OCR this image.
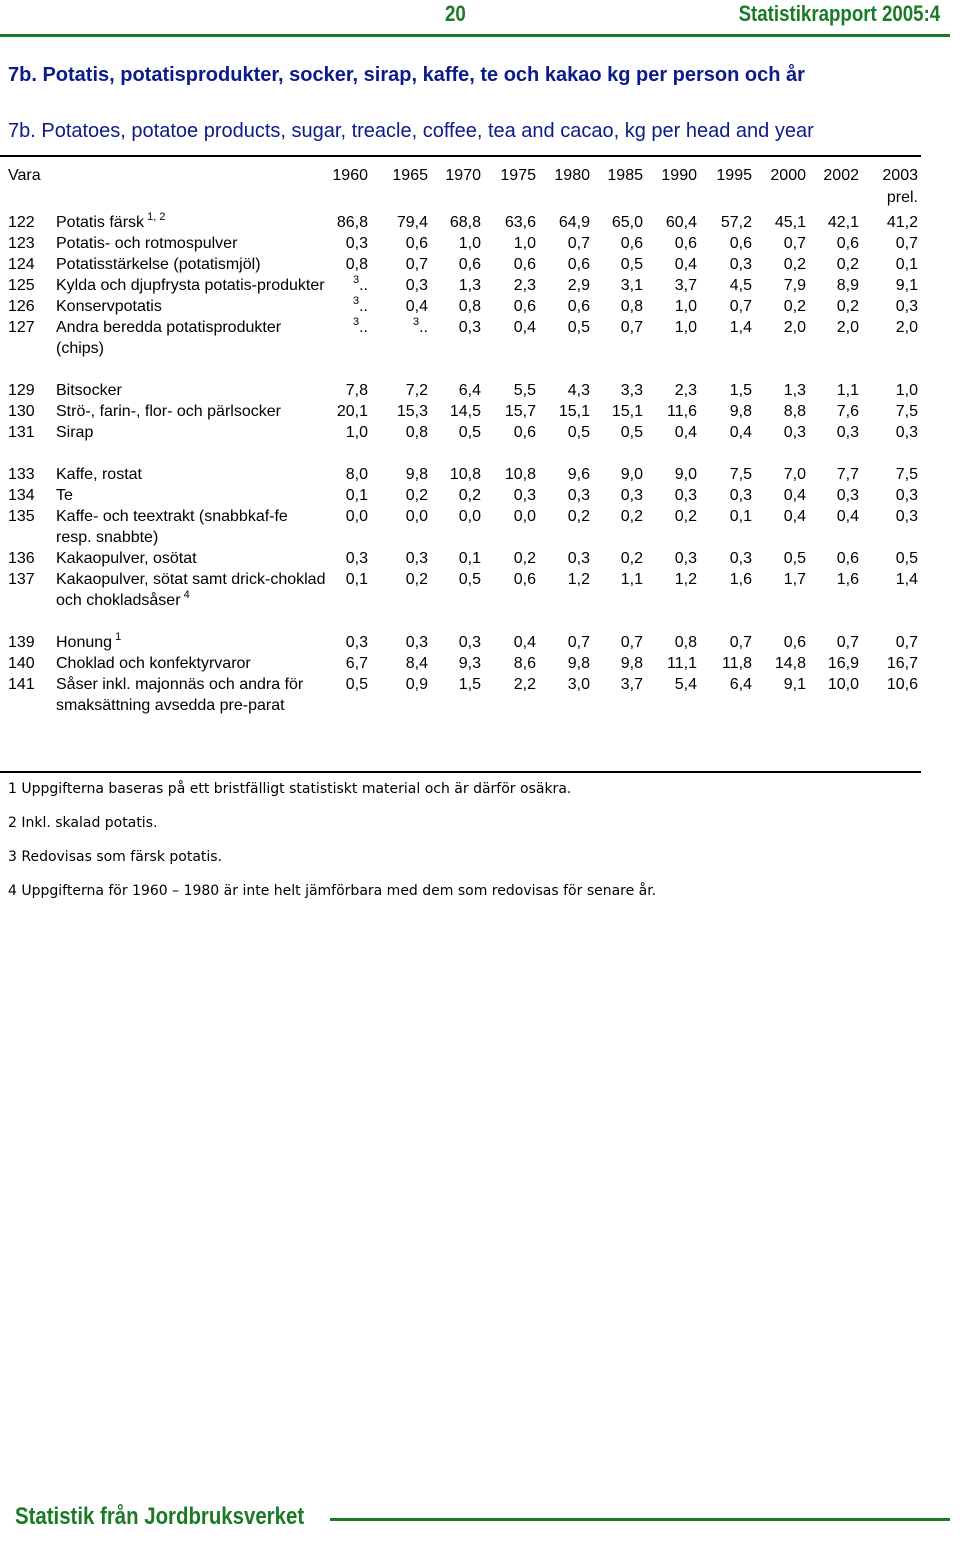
20	Statistikrapport 2005:4
7b. Potatis, potatisprodukter, socker, sirap, kaffe, te och kakao kg per person och år
7b. Potatoes, potatoe products, sugar, treacle, coffee, tea and cacao, kg per head and year
Vara	1960 1965 1970 1975 1980 1985 1990 1995 2000 2002 2003
prel.
122	Potatis färsk $^{1, 2}$	86,8	79,4	68,8	63,6	64,9	65,0	60,4	57,2	45,1	42,1	41,2
123	Potatis- och rotmospulver	0,3	0,6	1,0	1,0	0,7	0,6	0,6	0,6	0,7	0,6	0,7
124	Potatisstärkelse (potatismjöl)	0,8	0,7	0,6	0,6	0,6	0,5	0,4	0,3	0,2	0,2	0,1
125	Kylda och djupfrysta potatis-produkter	$^3$..	0,3	1,3	2,3	2,9	3,1	3,7	4,5	7,9	8,9	9,1
126	Konservpotatis	$^3$..	0,4	0,8	0,6	0,6	0,8	1,0	0,7	0,2	0,2	0,3
127	Andra beredda potatisprodukter (chips)	$^3$..	$^3$..	0,3	0,4	0,5	0,7	1,0	1,4	2,0	2,0	2,0

129	Bitsocker	7,8	7,2	6,4	5,5	4,3	3,3	2,3	1,5	1,3	1,1	1,0
130	Strö-, farin-, flor- och pärlsocker	20,1	15,3	14,5	15,7	15,1	15,1	11,6	9,8	8,8	7,6	7,5
131	Sirap	1,0	0,8	0,5	0,6	0,5	0,5	0,4	0,4	0,3	0,3	0,3

133	Kaffe, rostat	8,0	9,8	10,8	10,8	9,6	9,0	9,0	7,5	7,0	7,7	7,5
134	Te	0,1	0,2	0,2	0,3	0,3	0,3	0,3	0,3	0,4	0,3	0,3
135	Kaffe- och teextrakt (snabbkaf-fe resp. snabbte)	0,0	0,0	0,0	0,0	0,2	0,2	0,2	0,1	0,4	0,4	0,3
136	Kakaopulver, osötat	0,3	0,3	0,1	0,2	0,3	0,2	0,3	0,3	0,5	0,6	0,5
137	Kakaopulver, sötat samt drick-choklad och chokladsåser $^4$	0,1	0,2	0,5	0,6	1,2	1,1	1,2	1,6	1,7	1,6	1,4

139	Honung $^1$	0,3	0,3	0,3	0,4	0,7	0,7	0,8	0,7	0,6	0,7	0,7
140	Choklad och konfektyrvaror	6,7	8,4	9,3	8,6	9,8	9,8	11,1	11,8	14,8	16,9	16,7
141	Såser inkl. majonnäs och andra för smaksättning avsedda pre-parat	0,5	0,9	1,5	2,2	3,0	3,7	5,4	6,4	9,1	10,0	10,6
1 Uppgifterna baseras på ett bristfälligt statistiskt material och är därför osäkra.
2 Inkl. skalad potatis.
3 Redovisas som färsk potatis.
4 Uppgifterna för 1960 – 1980 är inte helt jämförbara med dem som redovisas för senare år.
Statistik från Jordbruksverket
